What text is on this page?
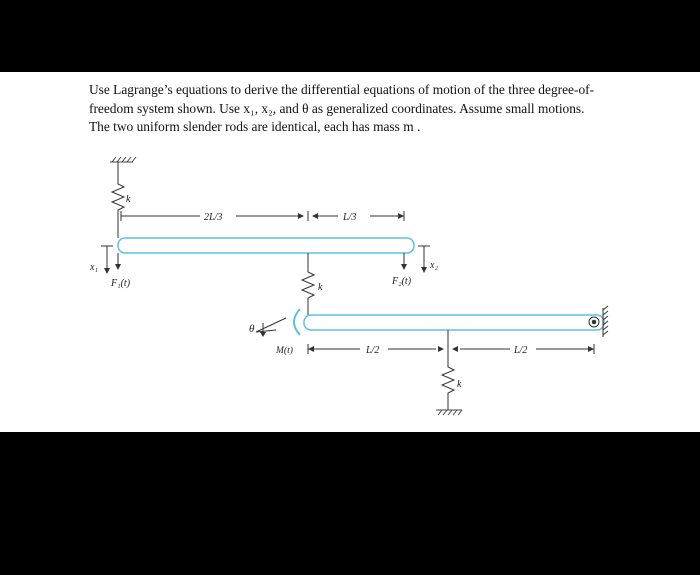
Use Lagrange’s equations to derive the differential equations of motion of the three degree-of-
freedom system shown. Use x₁, x₂, and θ as generalized coordinates. Assume small motions.
The two uniform slender rods are identical, each has mass m .

k
2L/3	L/3
x₁
F₁(t)
x₂
F₂(t)
k
θ
M(t)	L/2	L/2
k
